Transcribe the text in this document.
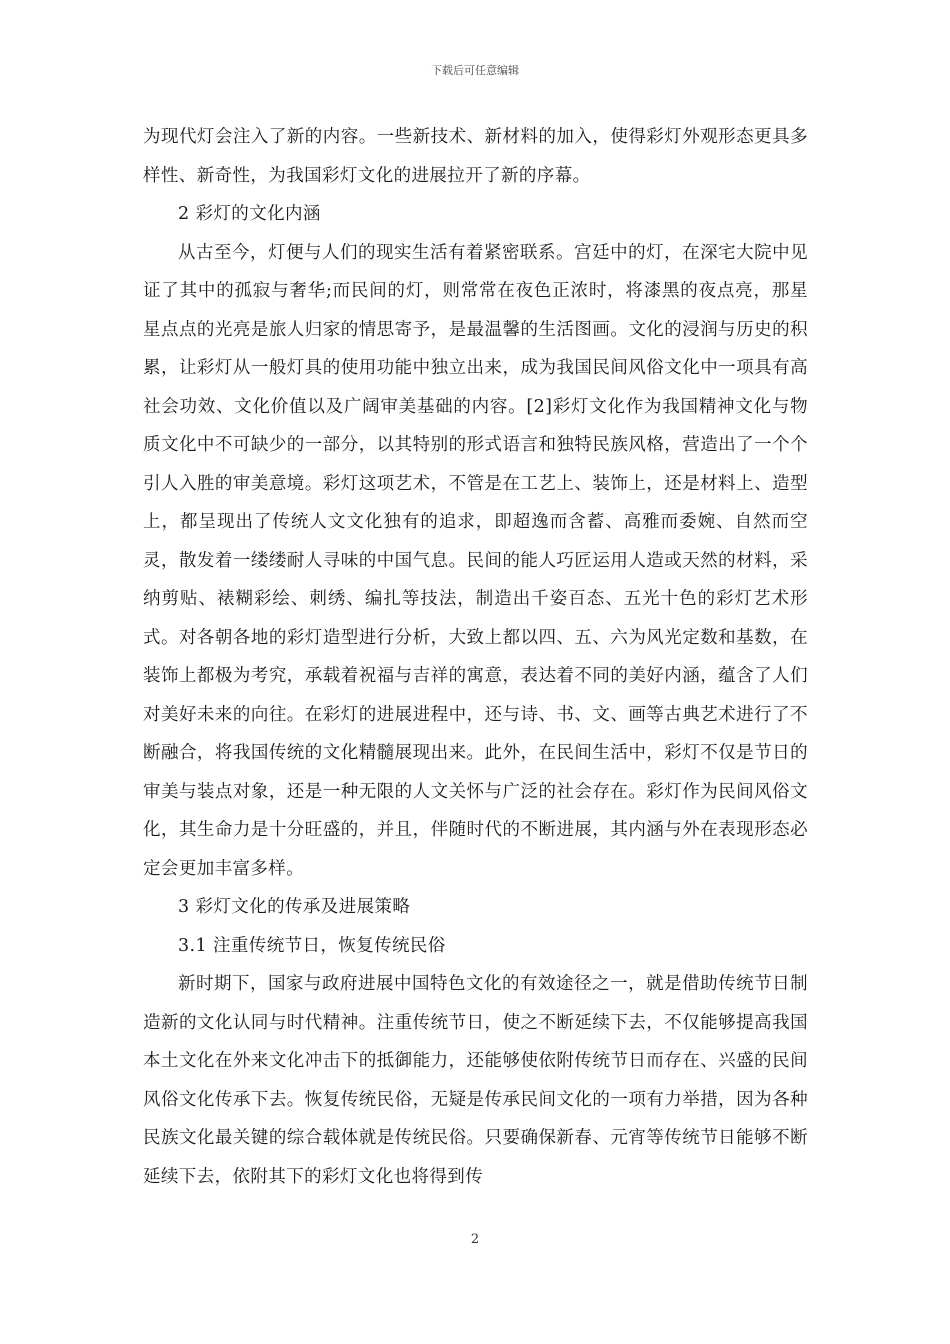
下载后可任意编辑

为现代灯会注入了新的内容。一些新技术、新材料的加入，使得彩灯外观形态更具多样性、新奇性，为我国彩灯文化的进展拉开了新的序幕。

2 彩灯的文化内涵

从古至今，灯便与人们的现实生活有着紧密联系。宫廷中的灯，在深宅大院中见证了其中的孤寂与奢华;而民间的灯，则常常在夜色正浓时，将漆黑的夜点亮，那星星点点的光亮是旅人归家的情思寄予，是最温馨的生活图画。文化的浸润与历史的积累，让彩灯从一般灯具的使用功能中独立出来，成为我国民间风俗文化中一项具有高社会功效、文化价值以及广阔审美基础的内容。[2]彩灯文化作为我国精神文化与物质文化中不可缺少的一部分，以其特别的形式语言和独特民族风格，营造出了一个个引人入胜的审美意境。彩灯这项艺术，不管是在工艺上、装饰上，还是材料上、造型上，都呈现出了传统人文文化独有的追求，即超逸而含蓄、高雅而委婉、自然而空灵，散发着一缕缕耐人寻味的中国气息。民间的能人巧匠运用人造或天然的材料，采纳剪贴、裱糊彩绘、刺绣、编扎等技法，制造出千姿百态、五光十色的彩灯艺术形式。对各朝各地的彩灯造型进行分析，大致上都以四、五、六为风光定数和基数，在装饰上都极为考究，承载着祝福与吉祥的寓意，表达着不同的美好内涵，蕴含了人们对美好未来的向往。在彩灯的进展进程中，还与诗、书、文、画等古典艺术进行了不断融合，将我国传统的文化精髓展现出来。此外，在民间生活中，彩灯不仅是节日的审美与装点对象，还是一种无限的人文关怀与广泛的社会存在。彩灯作为民间风俗文化，其生命力是十分旺盛的，并且，伴随时代的不断进展，其内涵与外在表现形态必定会更加丰富多样。

3 彩灯文化的传承及进展策略

3.1 注重传统节日，恢复传统民俗

新时期下，国家与政府进展中国特色文化的有效途径之一，就是借助传统节日制造新的文化认同与时代精神。注重传统节日，使之不断延续下去，不仅能够提高我国本土文化在外来文化冲击下的抵御能力，还能够使依附传统节日而存在、兴盛的民间风俗文化传承下去。恢复传统民俗，无疑是传承民间文化的一项有力举措，因为各种民族文化最关键的综合载体就是传统民俗。只要确保新春、元宵等传统节日能够不断延续下去，依附其下的彩灯文化也将得到传

2
